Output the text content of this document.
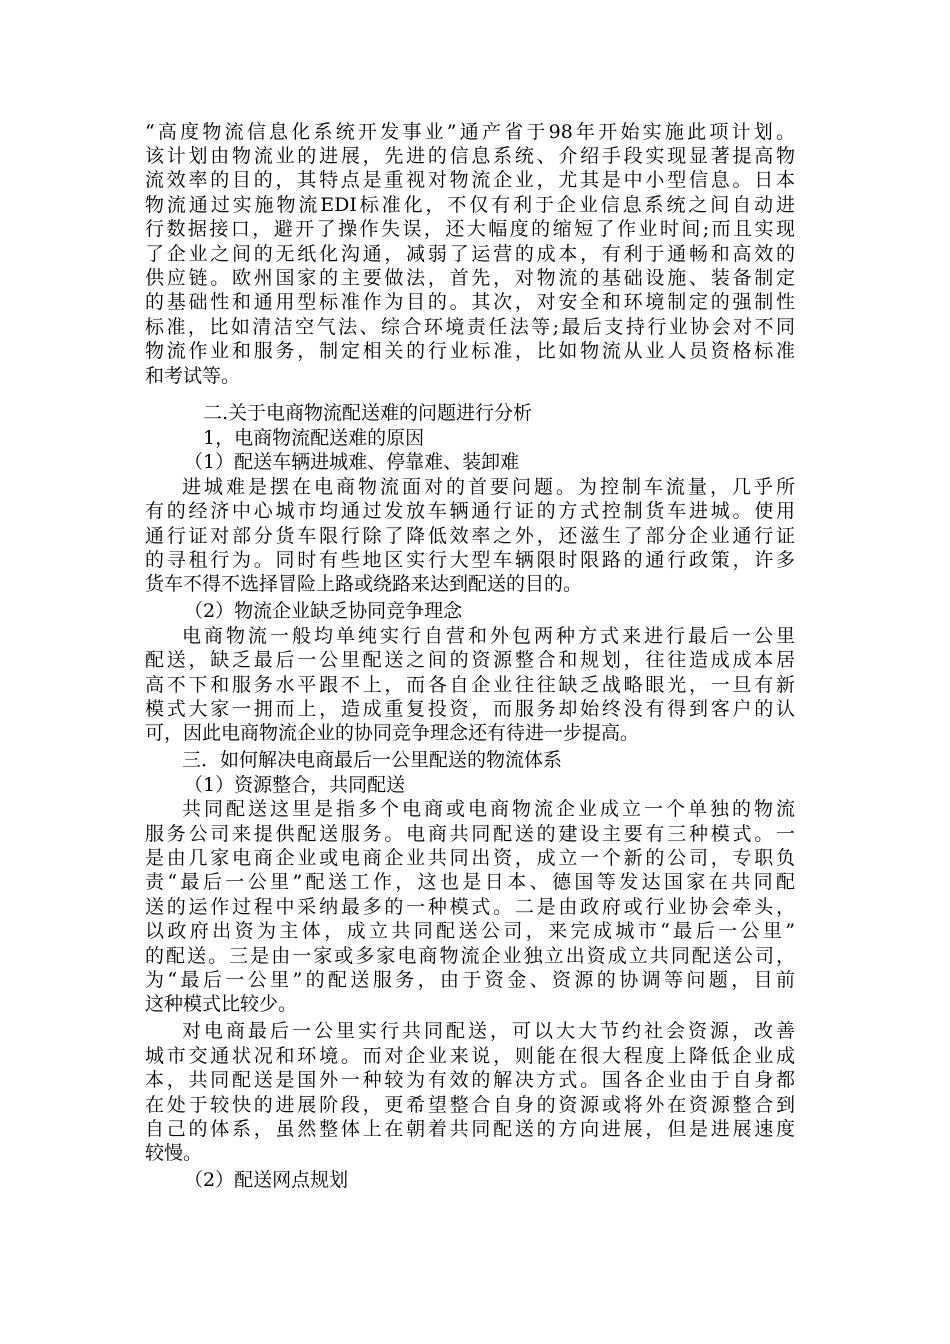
“高度物流信息化系统开发事业”通产省于98年开始实施此项计划。
该计划由物流业的进展，先进的信息系统、介绍手段实现显著提高物
流效率的目的，其特点是重视对物流企业，尤其是中小型信息。日本
物流通过实施物流EDI标准化，不仅有利于企业信息系统之间自动进
行数据接口，避开了操作失误，还大幅度的缩短了作业时间;而且实现
了企业之间的无纸化沟通，减弱了运营的成本，有利于通畅和高效的
供应链。欧州国家的主要做法，首先，对物流的基础设施、装备制定
的基础性和通用型标准作为目的。其次，对安全和环境制定的强制性
标准，比如清洁空气法、综合环境责任法等;最后支持行业协会对不同
物流作业和服务，制定相关的行业标准，比如物流从业人员资格标准
和考试等。
二.关于电商物流配送难的问题进行分析
1，电商物流配送难的原因
（1）配送车辆进城难、停靠难、装卸难
进城难是摆在电商物流面对的首要问题。为控制车流量，几乎所
有的经济中心城市均通过发放车辆通行证的方式控制货车进城。使用
通行证对部分货车限行除了降低效率之外，还滋生了部分企业通行证
的寻租行为。同时有些地区实行大型车辆限时限路的通行政策，许多
货车不得不选择冒险上路或绕路来达到配送的目的。
（2）物流企业缺乏协同竞争理念
电商物流一般均单纯实行自营和外包两种方式来进行最后一公里
配送，缺乏最后一公里配送之间的资源整合和规划，往往造成成本居
高不下和服务水平跟不上，而各自企业往往缺乏战略眼光，一旦有新
模式大家一拥而上，造成重复投资，而服务却始终没有得到客户的认
可，因此电商物流企业的协同竞争理念还有待进一步提高。
三．如何解决电商最后一公里配送的物流体系
（1）资源整合，共同配送
共同配送这里是指多个电商或电商物流企业成立一个单独的物流
服务公司来提供配送服务。电商共同配送的建设主要有三种模式。一
是由几家电商企业或电商企业共同出资，成立一个新的公司，专职负
责“最后一公里”配送工作，这也是日本、德国等发达国家在共同配
送的运作过程中采纳最多的一种模式。二是由政府或行业协会牵头，
以政府出资为主体，成立共同配送公司，来完成城市“最后一公里”
的配送。三是由一家或多家电商物流企业独立出资成立共同配送公司，
为“最后一公里”的配送服务，由于资金、资源的协调等问题，目前
这种模式比较少。
对电商最后一公里实行共同配送，可以大大节约社会资源，改善
城市交通状况和环境。而对企业来说，则能在很大程度上降低企业成
本，共同配送是国外一种较为有效的解决方式。国各企业由于自身都
在处于较快的进展阶段，更希望整合自身的资源或将外在资源整合到
自己的体系，虽然整体上在朝着共同配送的方向进展，但是进展速度
较慢。
（2）配送网点规划
